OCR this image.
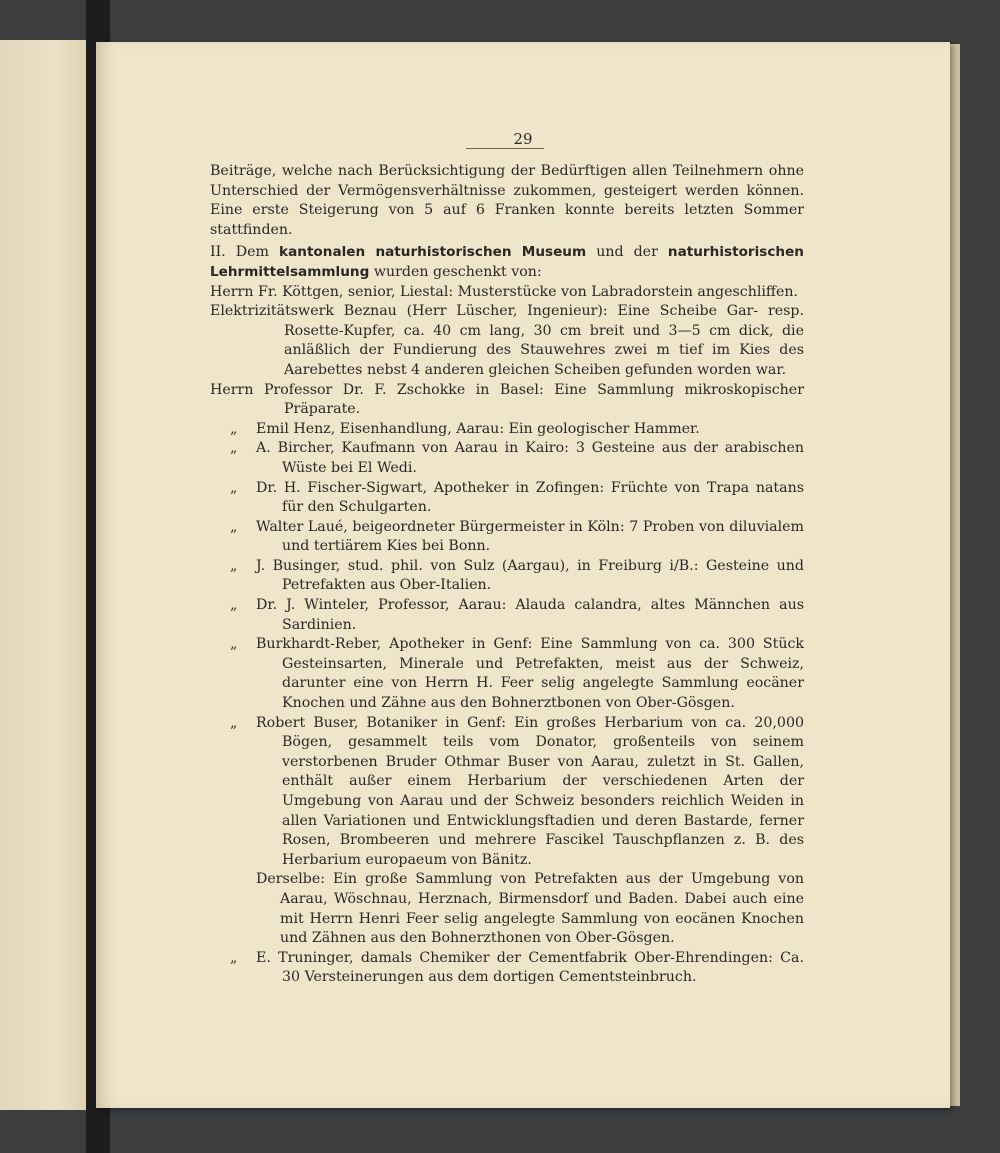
29

Beiträge, welche nach Berücksichtigung der Bedürftigen allen Teilnehmern ohne Unterschied der Vermögensverhältnisse zukommen, gesteigert werden können. Eine erste Steigerung von 5 auf 6 Franken konnte bereits letzten Sommer stattfinden.

II. Dem kantonalen naturhistorischen Museum und der naturhistorischen Lehrmittelsammlung wurden geschenkt von:

Herrn Fr. Köttgen, senior, Liestal: Musterstücke von Labradorstein angeschliffen.

Elektrizitätswerk Beznau (Herr Lüscher, Ingenieur): Eine Scheibe Gar- resp. Rosette-Kupfer, ca. 40 cm lang, 30 cm breit und 3—5 cm dick, die anläßlich der Fundierung des Stauwehres zwei m tief im Kies des Aarebettes nebst 4 anderen gleichen Scheiben gefunden worden war.

Herrn Professor Dr. F. Zschokke in Basel: Eine Sammlung mikroskopischer Präparate.

„ Emil Henz, Eisenhandlung, Aarau: Ein geologischer Hammer.

„ A. Bircher, Kaufmann von Aarau in Kairo: 3 Gesteine aus der arabischen Wüste bei El Wedi.

„ Dr. H. Fischer-Sigwart, Apotheker in Zofingen: Früchte von Trapa natans für den Schulgarten.

„ Walter Laué, beigeordneter Bürgermeister in Köln: 7 Proben von diluvialem und tertiärem Kies bei Bonn.

„ J. Businger, stud. phil. von Sulz (Aargau), in Freiburg i/B.: Gesteine und Petrefakten aus Ober-Italien.

„ Dr. J. Winteler, Professor, Aarau: Alauda calandra, altes Männchen aus Sardinien.

„ Burkhardt-Reber, Apotheker in Genf: Eine Sammlung von ca. 300 Stück Gesteinsarten, Minerale und Petrefakten, meist aus der Schweiz, darunter eine von Herrn H. Feer selig angelegte Sammlung eocäner Knochen und Zähne aus den Bohnerztbonen von Ober-Gösgen.

„ Robert Buser, Botaniker in Genf: Ein großes Herbarium von ca. 20,000 Bögen, gesammelt teils vom Donator, großenteils von seinem verstorbenen Bruder Othmar Buser von Aarau, zuletzt in St. Gallen, enthält außer einem Herbarium der verschiedenen Arten der Umgebung von Aarau und der Schweiz besonders reichlich Weiden in allen Variationen und Entwicklungsftadien und deren Bastarde, ferner Rosen, Brombeeren und mehrere Fascikel Tauschpflanzen z. B. des Herbarium europaeum von Bänitz.

Derselbe: Ein große Sammlung von Petrefakten aus der Umgebung von Aarau, Wöschnau, Herznach, Birmensdorf und Baden. Dabei auch eine mit Herrn Henri Feer selig angelegte Sammlung von eocänen Knochen und Zähnen aus den Bohnerzthonen von Ober-Gösgen.

„ E. Truninger, damals Chemiker der Cementfabrik Ober-Ehrendingen: Ca. 30 Versteinerungen aus dem dortigen Cementsteinbruch.
